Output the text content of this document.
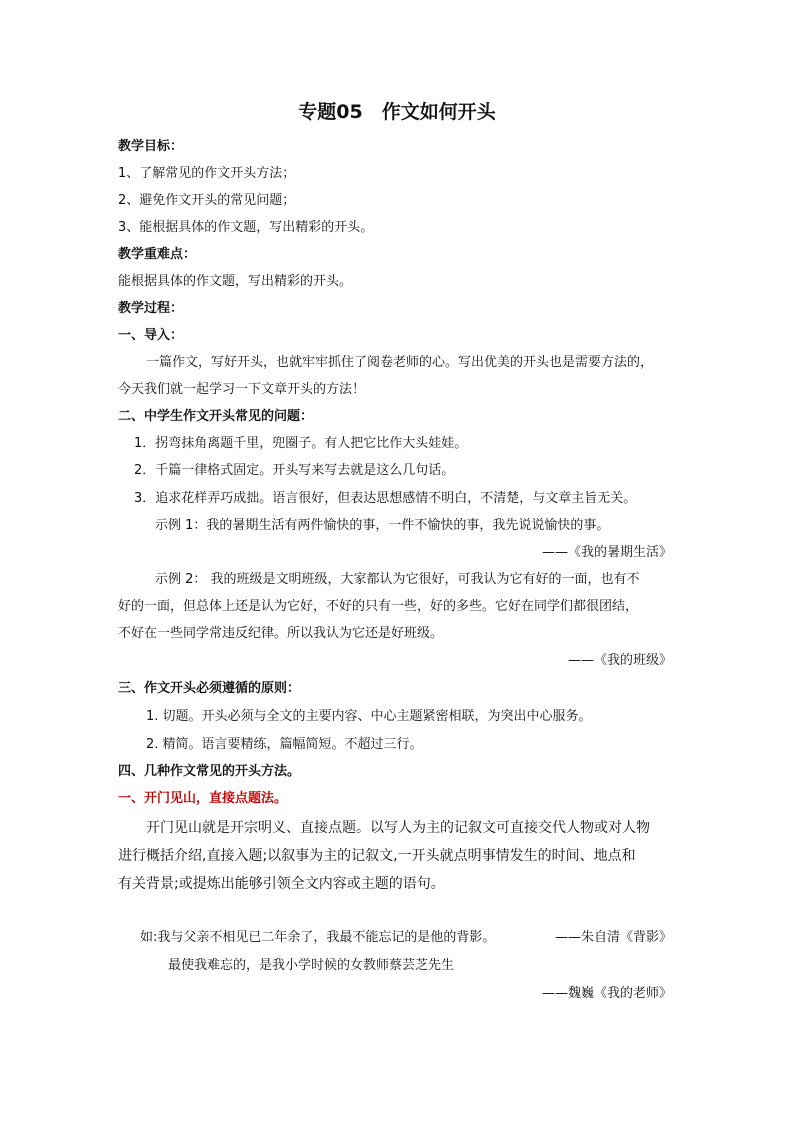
专题05　作文如何开头
教学目标：
1、了解常见的作文开头方法；
2、避免作文开头的常见问题；
3、能根据具体的作文题，写出精彩的开头。
教学重难点：
能根据具体的作文题，写出精彩的开头。
教学过程：
一、导入：
一篇作文，写好开头，也就牢牢抓住了阅卷老师的心。写出优美的开头也是需要方法的，
今天我们就一起学习一下文章开头的方法！
二、中学生作文开头常见的问题：
1．拐弯抹角离题千里，兜圈子。有人把它比作大头娃娃。
2．千篇一律格式固定。开头写来写去就是这么几句话。
3．追求花样弄巧成拙。语言很好，但表达思想感情不明白，不清楚，与文章主旨无关。
示例 1：我的暑期生活有两件愉快的事，一件不愉快的事，我先说说愉快的事。
——《我的暑期生活》
示例 2： 我的班级是文明班级，大家都认为它很好，可我认为它有好的一面，也有不
好的一面，但总体上还是认为它好，不好的只有一些，好的多些。它好在同学们都很团结，
不好在一些同学常违反纪律。所以我认为它还是好班级。
——《我的班级》
三、作文开头必须遵循的原则：
1. 切题。开头必须与全文的主要内容、中心主题紧密相联，为突出中心服务。
2. 精简。语言要精练，篇幅简短。不超过三行。
四、几种作文常见的开头方法。
一、开门见山，直接点题法。
开门见山就是开宗明义、直接点题。以写人为主的记叙文可直接交代人物或对人物
进行概括介绍,直接入题;以叙事为主的记叙文,一开头就点明事情发生的时间、地点和
有关背景;或提炼出能够引领全文内容或主题的语句。
如:我与父亲不相见已二年余了，我最不能忘记的是他的背影。	——朱自清《背影》
最使我难忘的，是我小学时候的女教师蔡芸芝先生
——魏巍《我的老师》
